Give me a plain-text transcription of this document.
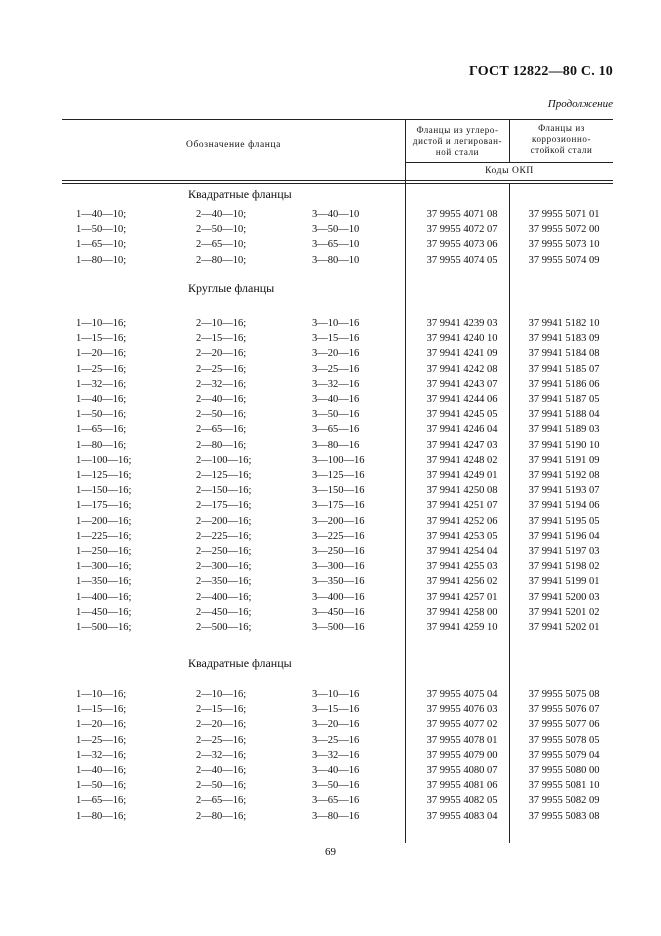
ГОСТ 12822—80 С. 10
Продолжение
Обозначение фланца
Фланцы из углеро-
дистой и легирован-
ной стали
Фланцы из
коррозионно-
стойкой стали
Коды ОКП
Квадратные фланцы
1—40—10;	2—40—10;	3—40—10	37 9955 4071 08	37 9955 5071 01
1—50—10;	2—50—10;	3—50—10	37 9955 4072 07	37 9955 5072 00
1—65—10;	2—65—10;	3—65—10	37 9955 4073 06	37 9955 5073 10
1—80—10;	2—80—10;	3—80—10	37 9955 4074 05	37 9955 5074 09
Круглые фланцы
1—10—16;	2—10—16;	3—10—16	37 9941 4239 03	37 9941 5182 10
1—15—16;	2—15—16;	3—15—16	37 9941 4240 10	37 9941 5183 09
1—20—16;	2—20—16;	3—20—16	37 9941 4241 09	37 9941 5184 08
1—25—16;	2—25—16;	3—25—16	37 9941 4242 08	37 9941 5185 07
1—32—16;	2—32—16;	3—32—16	37 9941 4243 07	37 9941 5186 06
1—40—16;	2—40—16;	3—40—16	37 9941 4244 06	37 9941 5187 05
1—50—16;	2—50—16;	3—50—16	37 9941 4245 05	37 9941 5188 04
1—65—16;	2—65—16;	3—65—16	37 9941 4246 04	37 9941 5189 03
1—80—16;	2—80—16;	3—80—16	37 9941 4247 03	37 9941 5190 10
1—100—16;	2—100—16;	3—100—16	37 9941 4248 02	37 9941 5191 09
1—125—16;	2—125—16;	3—125—16	37 9941 4249 01	37 9941 5192 08
1—150—16;	2—150—16;	3—150—16	37 9941 4250 08	37 9941 5193 07
1—175—16;	2—175—16;	3—175—16	37 9941 4251 07	37 9941 5194 06
1—200—16;	2—200—16;	3—200—16	37 9941 4252 06	37 9941 5195 05
1—225—16;	2—225—16;	3—225—16	37 9941 4253 05	37 9941 5196 04
1—250—16;	2—250—16;	3—250—16	37 9941 4254 04	37 9941 5197 03
1—300—16;	2—300—16;	3—300—16	37 9941 4255 03	37 9941 5198 02
1—350—16;	2—350—16;	3—350—16	37 9941 4256 02	37 9941 5199 01
1—400—16;	2—400—16;	3—400—16	37 9941 4257 01	37 9941 5200 03
1—450—16;	2—450—16;	3—450—16	37 9941 4258 00	37 9941 5201 02
1—500—16;	2—500—16;	3—500—16	37 9941 4259 10	37 9941 5202 01
Квадратные фланцы
1—10—16;	2—10—16;	3—10—16	37 9955 4075 04	37 9955 5075 08
1—15—16;	2—15—16;	3—15—16	37 9955 4076 03	37 9955 5076 07
1—20—16;	2—20—16;	3—20—16	37 9955 4077 02	37 9955 5077 06
1—25—16;	2—25—16;	3—25—16	37 9955 4078 01	37 9955 5078 05
1—32—16;	2—32—16;	3—32—16	37 9955 4079 00	37 9955 5079 04
1—40—16;	2—40—16;	3—40—16	37 9955 4080 07	37 9955 5080 00
1—50—16;	2—50—16;	3—50—16	37 9955 4081 06	37 9955 5081 10
1—65—16;	2—65—16;	3—65—16	37 9955 4082 05	37 9955 5082 09
1—80—16;	2—80—16;	3—80—16	37 9955 4083 04	37 9955 5083 08
69
